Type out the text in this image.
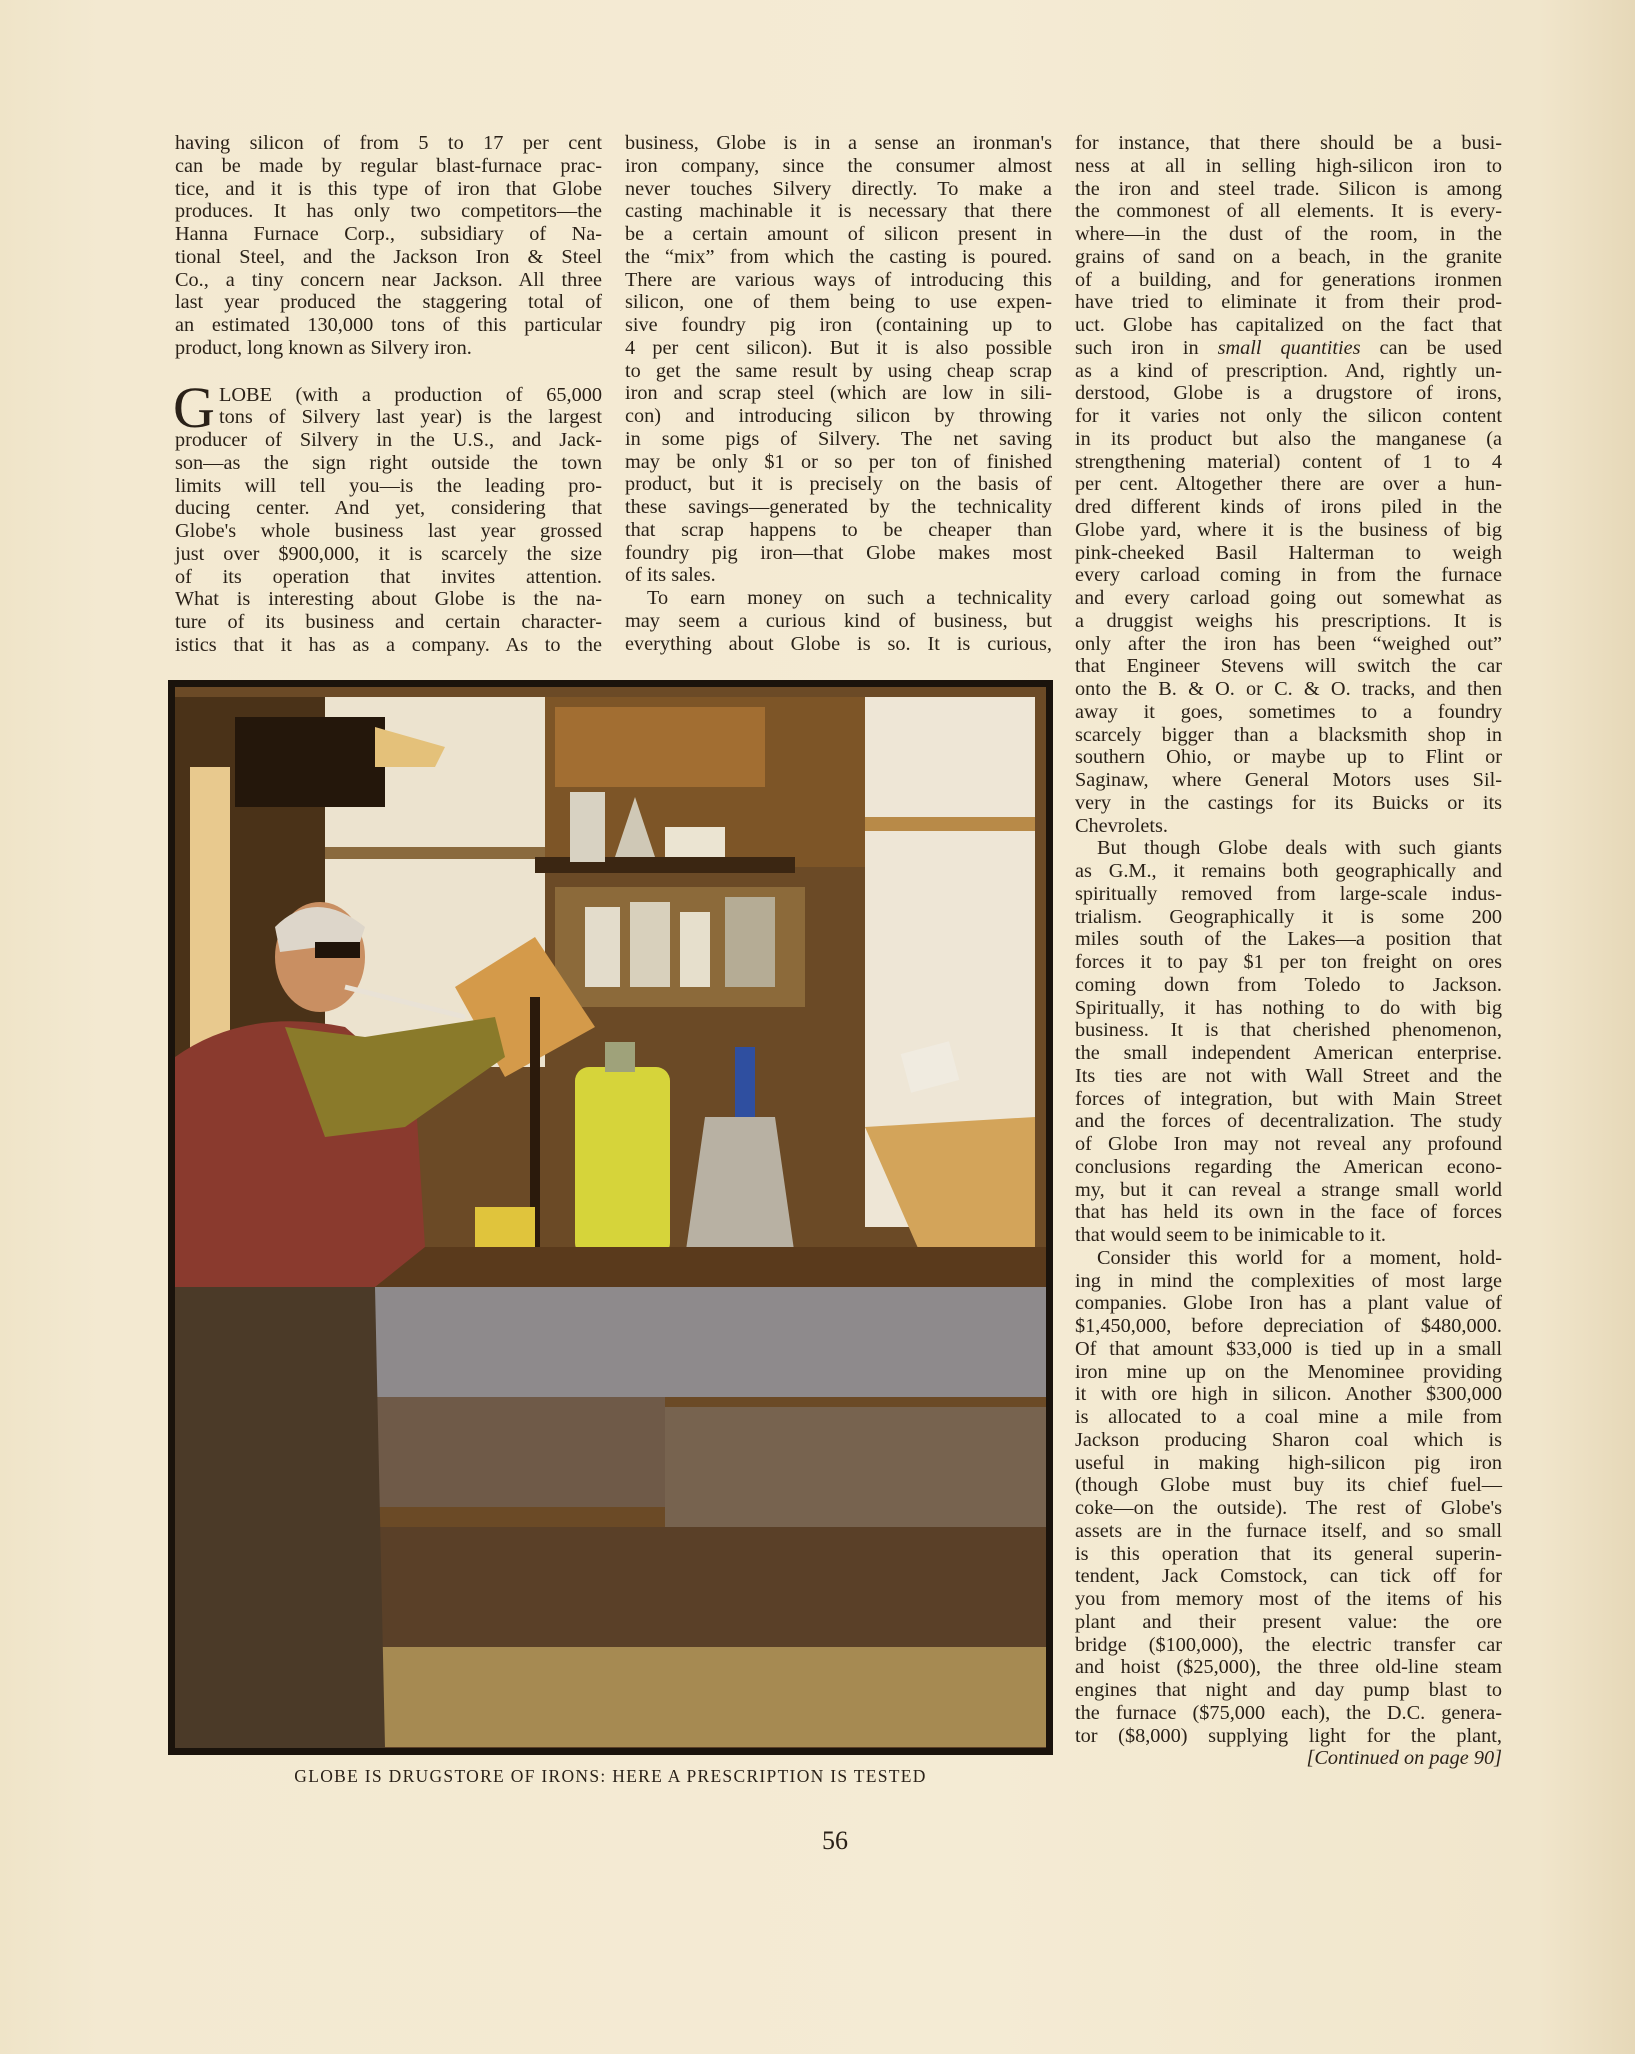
having silicon of from 5 to 17 per cent
can be made by regular blast-furnace prac-
tice, and it is this type of iron that Globe
produces. It has only two competitors—the
Hanna Furnace Corp., subsidiary of Na-
tional Steel, and the Jackson Iron & Steel
Co., a tiny concern near Jackson. All three
last year produced the staggering total of
an estimated 130,000 tons of this particular
product, long known as Silvery iron.
G LOBE (with a production of 65,000
tons of Silvery last year) is the largest
producer of Silvery in the U.S., and Jack-
son—as the sign right outside the town
limits will tell you—is the leading pro-
ducing center. And yet, considering that
Globe's whole business last year grossed
just over $900,000, it is scarcely the size
of its operation that invites attention.
What is interesting about Globe is the na-
ture of its business and certain character-
istics that it has as a company. As to the
business, Globe is in a sense an ironman's
iron company, since the consumer almost
never touches Silvery directly. To make a
casting machinable it is necessary that there
be a certain amount of silicon present in
the “mix” from which the casting is poured.
There are various ways of introducing this
silicon, one of them being to use expen-
sive foundry pig iron (containing up to
4 per cent silicon). But it is also possible
to get the same result by using cheap scrap
iron and scrap steel (which are low in sili-
con) and introducing silicon by throwing
in some pigs of Silvery. The net saving
may be only $1 or so per ton of finished
product, but it is precisely on the basis of
these savings—generated by the technicality
that scrap happens to be cheaper than
foundry pig iron—that Globe makes most
of its sales.
To earn money on such a technicality
may seem a curious kind of business, but
everything about Globe is so. It is curious,
for instance, that there should be a busi-
ness at all in selling high-silicon iron to
the iron and steel trade. Silicon is among
the commonest of all elements. It is every-
where—in the dust of the room, in the
grains of sand on a beach, in the granite
of a building, and for generations ironmen
have tried to eliminate it from their prod-
uct. Globe has capitalized on the fact that
such iron in small quantities can be used
as a kind of prescription. And, rightly un-
derstood, Globe is a drugstore of irons,
for it varies not only the silicon content
in its product but also the manganese (a
strengthening material) content of 1 to 4
per cent. Altogether there are over a hun-
dred different kinds of irons piled in the
Globe yard, where it is the business of big
pink-cheeked Basil Halterman to weigh
every carload coming in from the furnace
and every carload going out somewhat as
a druggist weighs his prescriptions. It is
only after the iron has been “weighed out”
that Engineer Stevens will switch the car
onto the B. & O. or C. & O. tracks, and then
away it goes, sometimes to a foundry
scarcely bigger than a blacksmith shop in
southern Ohio, or maybe up to Flint or
Saginaw, where General Motors uses Sil-
very in the castings for its Buicks or its
Chevrolets.
But though Globe deals with such giants
as G.M., it remains both geographically and
spiritually removed from large-scale indus-
trialism. Geographically it is some 200
miles south of the Lakes—a position that
forces it to pay $1 per ton freight on ores
coming down from Toledo to Jackson.
Spiritually, it has nothing to do with big
business. It is that cherished phenomenon,
the small independent American enterprise.
Its ties are not with Wall Street and the
forces of integration, but with Main Street
and the forces of decentralization. The study
of Globe Iron may not reveal any profound
conclusions regarding the American econo-
my, but it can reveal a strange small world
that has held its own in the face of forces
that would seem to be inimicable to it.
Consider this world for a moment, hold-
ing in mind the complexities of most large
companies. Globe Iron has a plant value of
$1,450,000, before depreciation of $480,000.
Of that amount $33,000 is tied up in a small
iron mine up on the Menominee providing
it with ore high in silicon. Another $300,000
is allocated to a coal mine a mile from
Jackson producing Sharon coal which is
useful in making high-silicon pig iron
(though Globe must buy its chief fuel—
coke—on the outside). The rest of Globe's
assets are in the furnace itself, and so small
is this operation that its general superin-
tendent, Jack Comstock, can tick off for
you from memory most of the items of his
plant and their present value: the ore
bridge ($100,000), the electric transfer car
and hoist ($25,000), the three old-line steam
engines that night and day pump blast to
the furnace ($75,000 each), the D.C. genera-
tor ($8,000) supplying light for the plant,
[Continued on page 90]
GLOBE IS DRUGSTORE OF IRONS: HERE A PRESCRIPTION IS TESTED
56
